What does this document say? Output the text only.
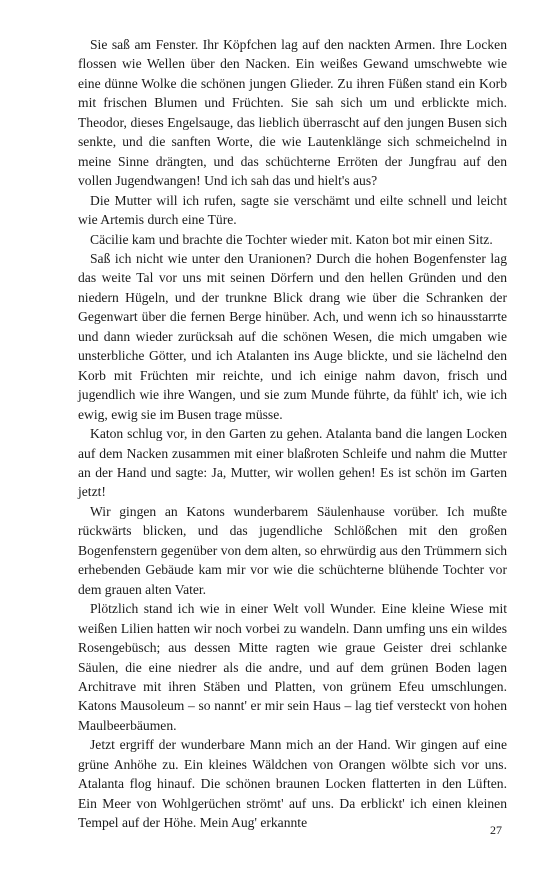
Sie saß am Fenster. Ihr Köpfchen lag auf den nackten Armen. Ihre Locken flossen wie Wellen über den Nacken. Ein weißes Gewand umschwebte wie eine dünne Wolke die schönen jungen Glieder. Zu ihren Füßen stand ein Korb mit frischen Blumen und Früchten. Sie sah sich um und erblickte mich. Theodor, dieses Engelsauge, das lieblich überrascht auf den jungen Busen sich senkte, und die sanften Worte, die wie Lautenklänge sich schmeichelnd in meine Sinne drängten, und das schüchterne Erröten der Jungfrau auf den vollen Jugendwangen! Und ich sah das und hielt's aus?

Die Mutter will ich rufen, sagte sie verschämt und eilte schnell und leicht wie Artemis durch eine Türe.

Cäcilie kam und brachte die Tochter wieder mit. Katon bot mir einen Sitz.

Saß ich nicht wie unter den Uranionen? Durch die hohen Bogenfenster lag das weite Tal vor uns mit seinen Dörfern und den hellen Gründen und den niedern Hügeln, und der trunkne Blick drang wie über die Schranken der Gegenwart über die fernen Berge hinüber. Ach, und wenn ich so hinausstarrte und dann wieder zurücksah auf die schönen Wesen, die mich umgaben wie unsterbliche Götter, und ich Atalanten ins Auge blickte, und sie lächelnd den Korb mit Früchten mir reichte, und ich einige nahm davon, frisch und jugendlich wie ihre Wangen, und sie zum Munde führte, da fühlt' ich, wie ich ewig, ewig sie im Busen trage müsse.

Katon schlug vor, in den Garten zu gehen. Atalanta band die langen Locken auf dem Nacken zusammen mit einer blaßroten Schleife und nahm die Mutter an der Hand und sagte: Ja, Mutter, wir wollen gehen! Es ist schön im Garten jetzt!

Wir gingen an Katons wunderbarem Säulenhause vorüber. Ich mußte rückwärts blicken, und das jugendliche Schlößchen mit den großen Bogenfenstern gegenüber von dem alten, so ehrwürdig aus den Trümmern sich erhebenden Gebäude kam mir vor wie die schüchterne blühende Tochter vor dem grauen alten Vater.

Plötzlich stand ich wie in einer Welt voll Wunder. Eine kleine Wiese mit weißen Lilien hatten wir noch vorbei zu wandeln. Dann umfing uns ein wildes Rosengebüsch; aus dessen Mitte ragten wie graue Geister drei schlanke Säulen, die eine niedrer als die andre, und auf dem grünen Boden lagen Architrave mit ihren Stäben und Platten, von grünem Efeu umschlungen. Katons Mausoleum – so nannt' er mir sein Haus – lag tief versteckt von hohen Maulbeerbäumen.

Jetzt ergriff der wunderbare Mann mich an der Hand. Wir gingen auf eine grüne Anhöhe zu. Ein kleines Wäldchen von Orangen wölbte sich vor uns. Atalanta flog hinauf. Die schönen braunen Locken flatterten in den Lüften. Ein Meer von Wohlgerüchen strömt' auf uns. Da erblickt' ich einen kleinen Tempel auf der Höhe. Mein Aug' erkannte	27
